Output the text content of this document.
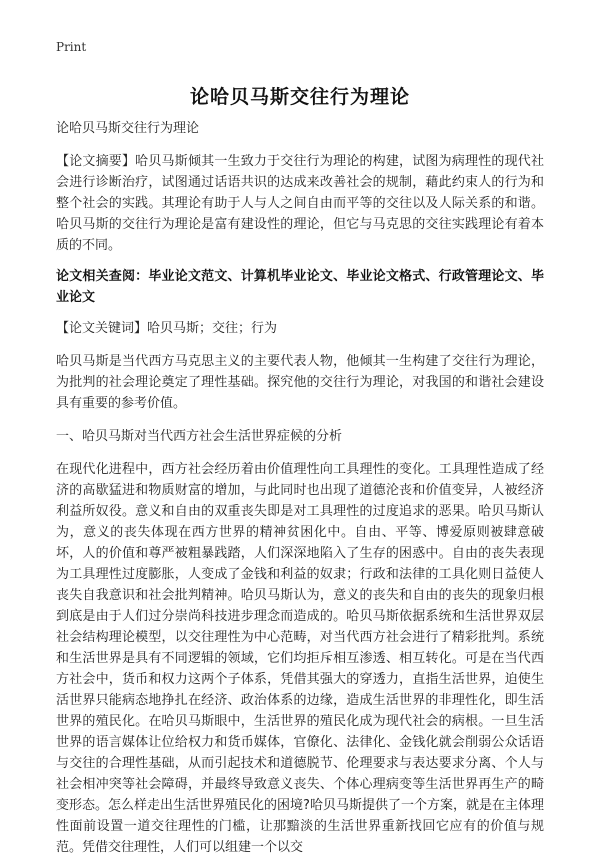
Print
论哈贝马斯交往行为理论

论哈贝马斯交往行为理论

【论文摘要】哈贝马斯倾其一生致力于交往行为理论的构建，试图为病理性的现代社会进行诊断治疗，试图通过话语共识的达成来改善社会的规制，藉此约束人的行为和整个社会的实践。其理论有助于人与人之间自由而平等的交往以及人际关系的和谐。哈贝马斯的交往行为理论是富有建设性的理论，但它与马克思的交往实践理论有着本质的不同。

论文相关查阅：毕业论文范文、计算机毕业论文、毕业论文格式、行政管理论文、毕业论文

【论文关键词】哈贝马斯；交往；行为

哈贝马斯是当代西方马克思主义的主要代表人物，他倾其一生构建了交往行为理论，为批判的社会理论奠定了理性基础。探究他的交往行为理论，对我国的和谐社会建设具有重要的参考价值。

一、哈贝马斯对当代西方社会生活世界症候的分析

在现代化进程中，西方社会经历着由价值理性向工具理性的变化。工具理性造成了经济的高歇猛进和物质财富的增加，与此同时也出现了道德沦丧和价值变异，人被经济利益所奴役。意义和自由的双重丧失即是对工具理性的过度追求的恶果。哈贝马斯认为，意义的丧失体现在西方世界的精神贫困化中。自由、平等、博爱原则被肆意破坏，人的价值和尊严被粗暴践踏，人们深深地陷入了生存的困惑中。自由的丧失表现为工具理性过度膨胀，人变成了金钱和利益的奴隶；行政和法律的工具化则日益使人丧失自我意识和社会批判精神。哈贝马斯认为，意义的丧失和自由的丧失的现象归根到底是由于人们过分崇尚科技进步理念而造成的。哈贝马斯依据系统和生活世界双层社会结构理论模型，以交往理性为中心范畴，对当代西方社会进行了精彩批判。系统和生活世界是具有不同逻辑的领域，它们均拒斥相互渗透、相互转化。可是在当代西方社会中，货币和权力这两个子体系，凭借其强大的穿透力，直指生活世界，迫使生活世界只能病态地挣扎在经济、政治体系的边缘，造成生活世界的非理性化，即生活世界的殖民化。在哈贝马斯眼中，生活世界的殖民化成为现代社会的病根。一旦生活世界的语言媒体让位给权力和货币媒体，官僚化、法律化、金钱化就会削弱公众话语与交往的合理性基础，从而引起技术和道德脱节、伦理要求与表达要求分离、个人与社会相冲突等社会障碍，并最终导致意义丧失、个体心理病变等生活世界再生产的畸变形态。怎么样走出生活世界殖民化的困境?哈贝马斯提供了一个方案，就是在主体理性面前设置一道交往理性的门槛，让那黯淡的生活世界重新找回它应有的价值与规范。凭借交往理性，人们可以组建一个以交
